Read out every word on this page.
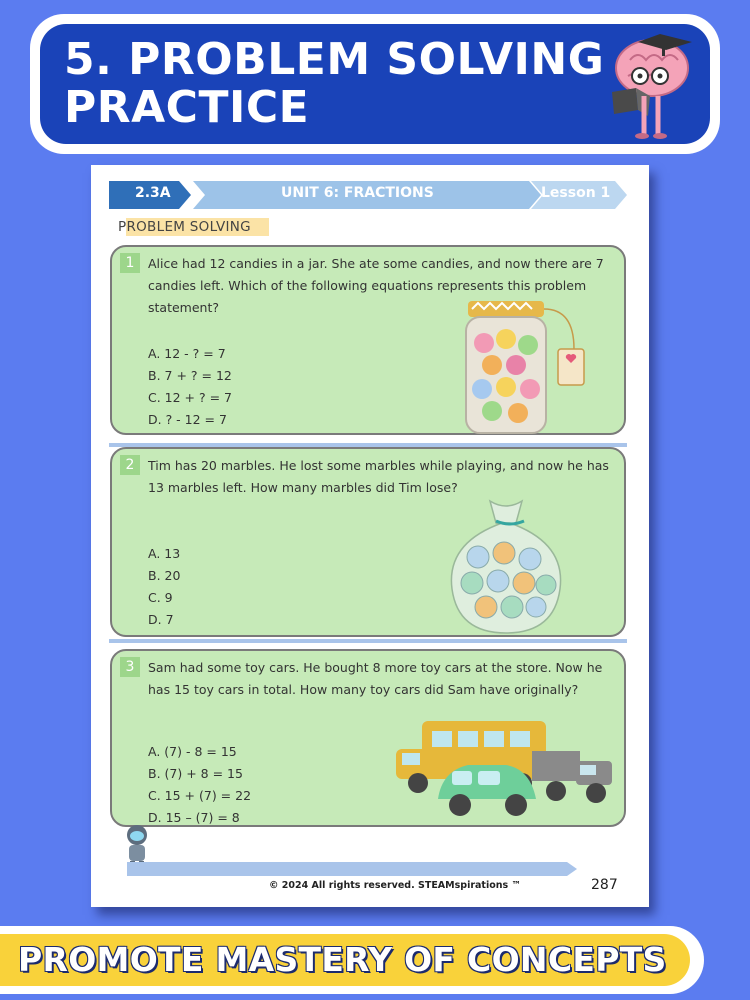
5. PROBLEM SOLVING
PRACTICE
2.3A	UNIT 6: FRACTIONS	Lesson 1
PROBLEM SOLVING
1	Alice had 12 candies in a jar. She ate some candies, and now there are 7 candies left. Which of the following equations represents this problem statement?
A. 12 - ? = 7
B. 7 + ? = 12
C. 12 + ? = 7
D. ? - 12 = 7
2	Tim has 20 marbles. He lost some marbles while playing, and now he has 13 marbles left. How many marbles did Tim lose?
A. 13
B. 20
C. 9
D. 7
3	Sam had some toy cars. He bought 8 more toy cars at the store. Now he has 15 toy cars in total. How many toy cars did Sam have originally?
A. (7) - 8 = 15
B. (7) + 8 = 15
C. 15 + (7) = 22
D. 15 – (7) = 8
© 2024 All rights reserved. STEAMspirations ™	287
PROMOTE MASTERY OF CONCEPTS
